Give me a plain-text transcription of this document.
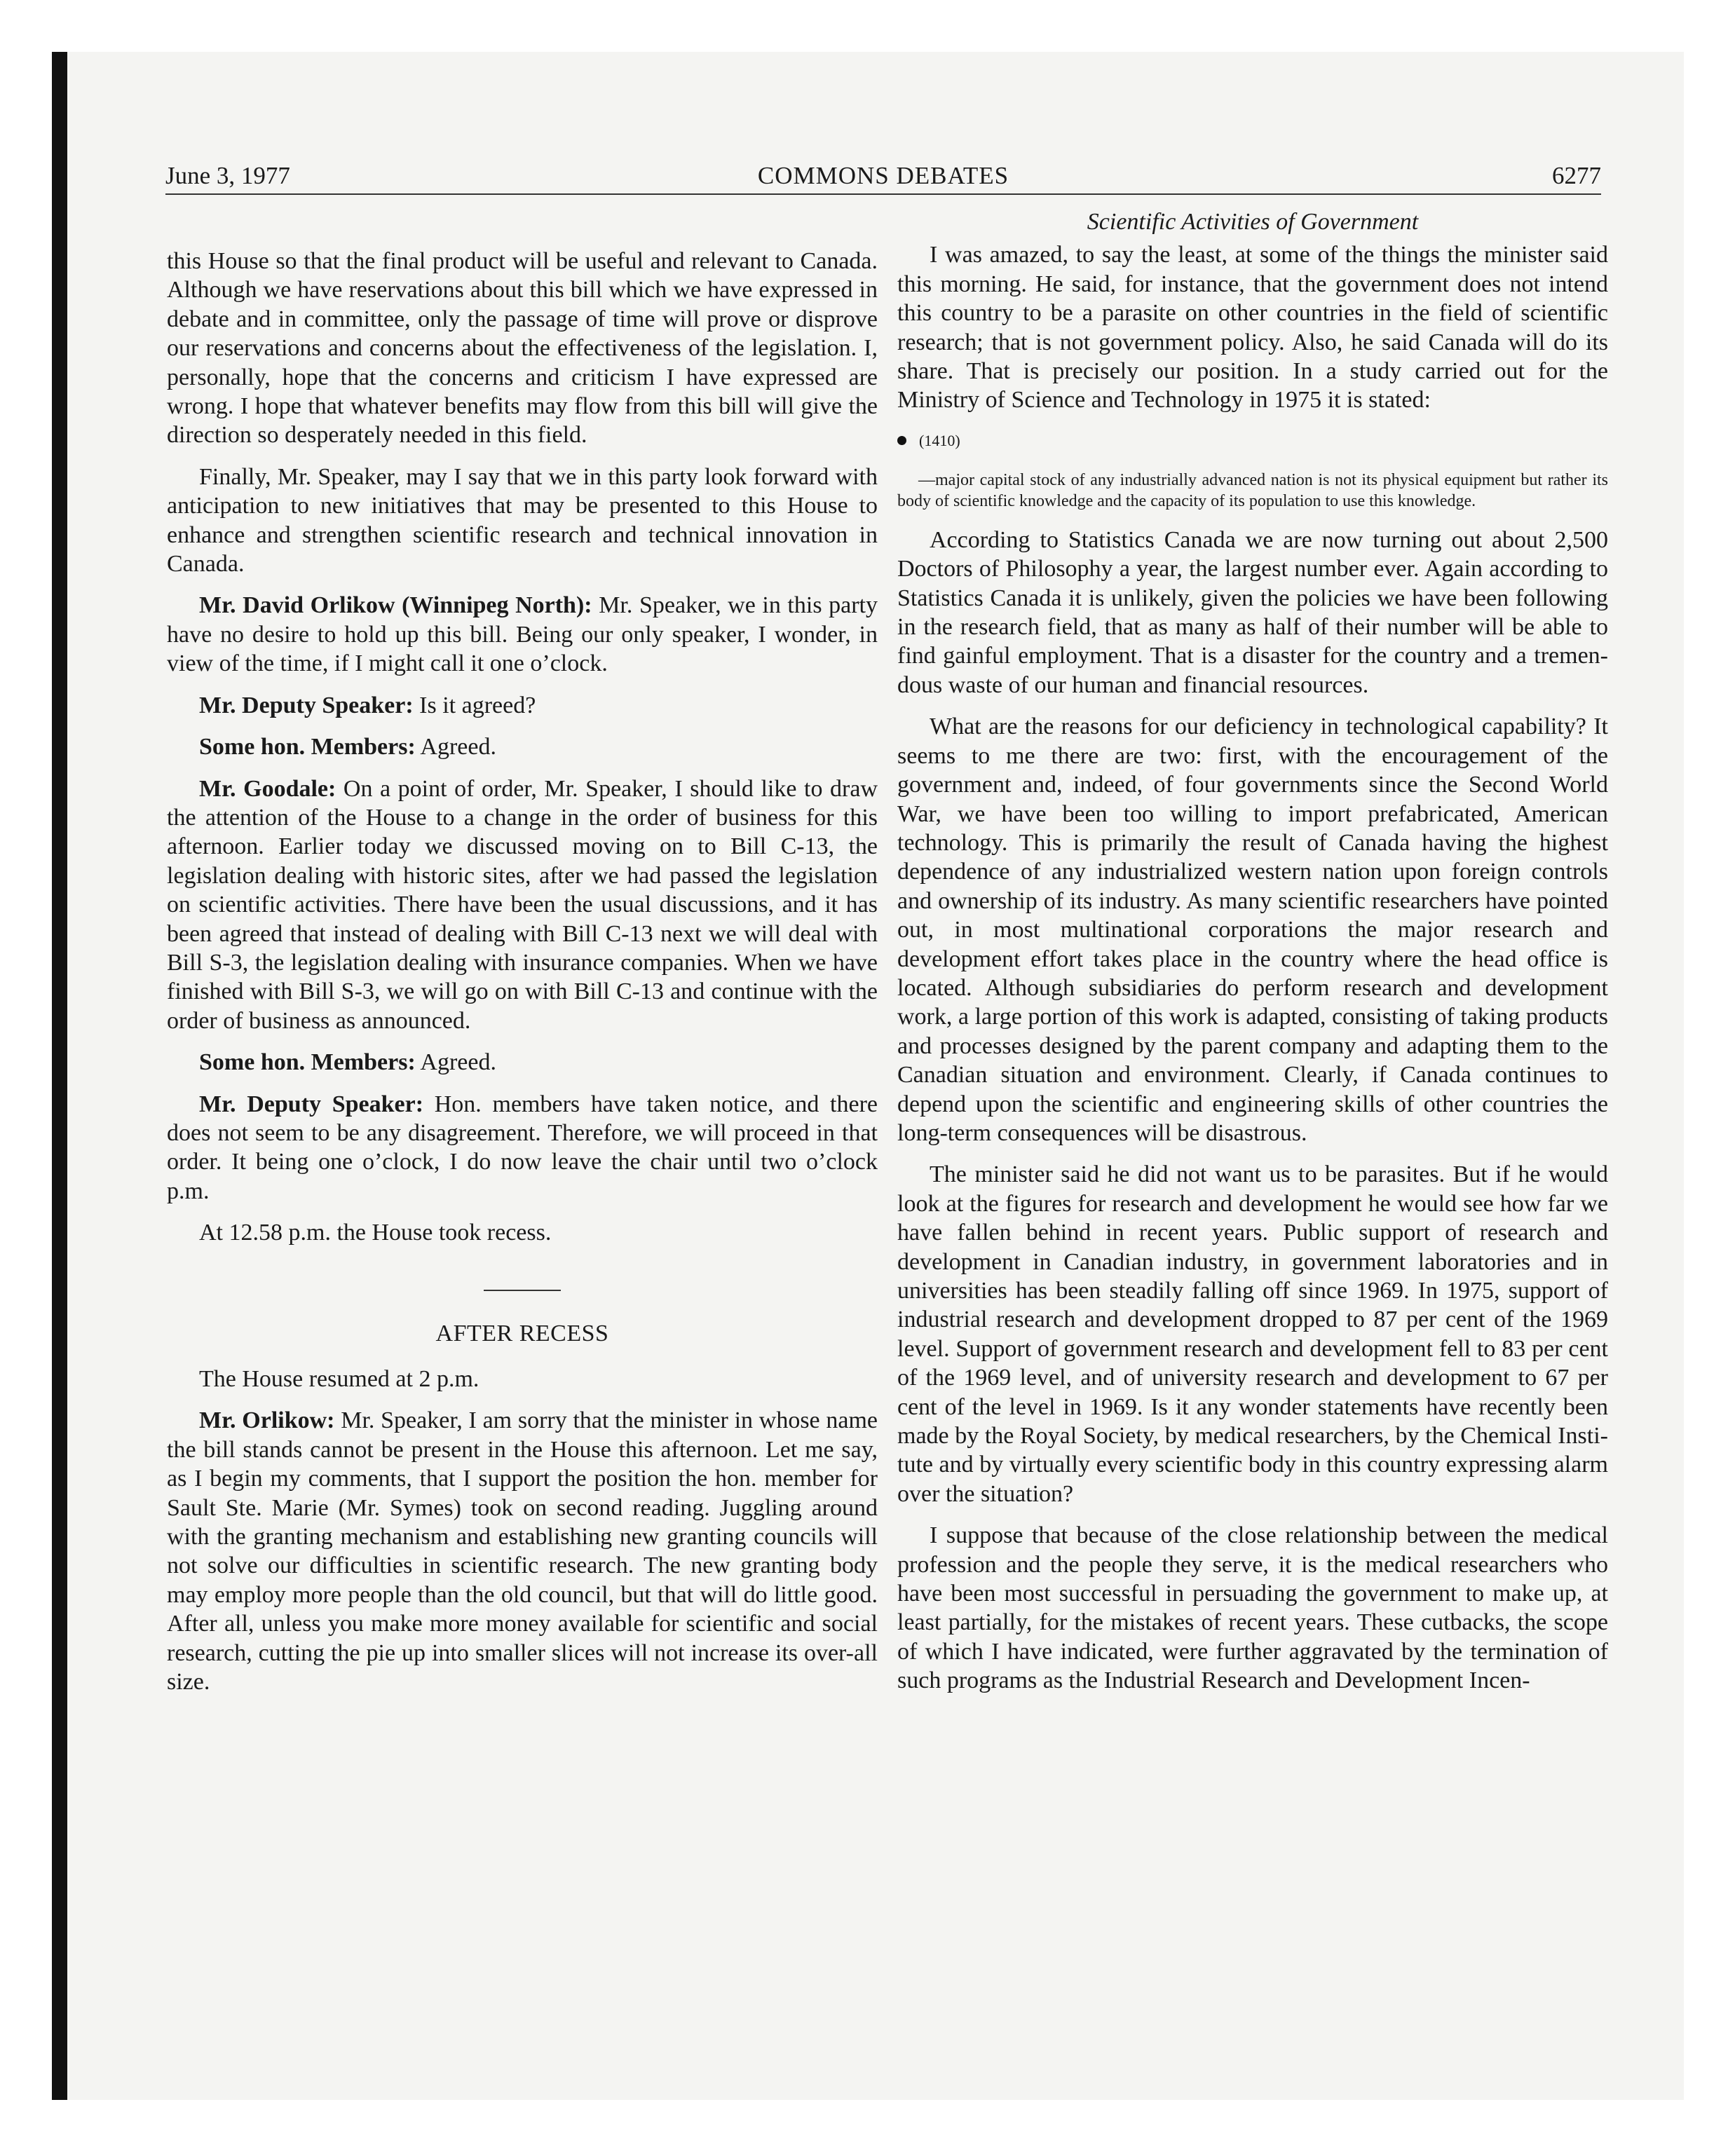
June 3, 1977	COMMONS DEBATES	6277

this House so that the final product will be useful and relevant to Canada. Although we have reservations about this bill which we have expressed in debate and in committee, only the passage of time will prove or disprove our reservations and concerns about the effectiveness of the legislation. I, personally, hope that the concerns and criticism I have expressed are wrong. I hope that whatever benefits may flow from this bill will give the direction so desperately needed in this field.

Finally, Mr. Speaker, may I say that we in this party look forward with anticipation to new initiatives that may be presented to this House to enhance and strengthen scientific research and technical innovation in Canada.

Mr. David Orlikow (Winnipeg North): Mr. Speaker, we in this party have no desire to hold up this bill. Being our only speaker, I wonder, in view of the time, if I might call it one o’clock.

Mr. Deputy Speaker: Is it agreed?

Some hon. Members: Agreed.

Mr. Goodale: On a point of order, Mr. Speaker, I should like to draw the attention of the House to a change in the order of business for this afternoon. Earlier today we discussed moving on to Bill C-13, the legislation dealing with historic sites, after we had passed the legislation on scientific activities. There have been the usual discussions, and it has been agreed that instead of dealing with Bill C-13 next we will deal with Bill S-3, the legislation dealing with insurance companies. When we have finished with Bill S-3, we will go on with Bill C-13 and continue with the order of business as announced.

Some hon. Members: Agreed.

Mr. Deputy Speaker: Hon. members have taken notice, and there does not seem to be any disagreement. Therefore, we will proceed in that order. It being one o’clock, I do now leave the chair until two o’clock p.m.

At 12.58 p.m. the House took recess.

AFTER RECESS

The House resumed at 2 p.m.

Mr. Orlikow: Mr. Speaker, I am sorry that the minister in whose name the bill stands cannot be present in the House this afternoon. Let me say, as I begin my comments, that I support the position the hon. member for Sault Ste. Marie (Mr. Symes) took on second reading. Juggling around with the granting mechanism and establishing new granting councils will not solve our difficulties in scientific research. The new granting body may employ more people than the old council, but that will do little good. After all, unless you make more money available for scientific and social research, cutting the pie up into smaller slices will not increase its over-all size.

Scientific Activities of Government

I was amazed, to say the least, at some of the things the minister said this morning. He said, for instance, that the government does not intend this country to be a parasite on other countries in the field of scientific research; that is not government policy. Also, he said Canada will do its share. That is precisely our position. In a study carried out for the Ministry of Science and Technology in 1975 it is stated:

(1410)

—major capital stock of any industrially advanced nation is not its physical equipment but rather its body of scientific knowledge and the capacity of its population to use this knowledge.

According to Statistics Canada we are now turning out about 2,500 Doctors of Philosophy a year, the largest number ever. Again according to Statistics Canada it is unlikely, given the policies we have been following in the research field, that as many as half of their number will be able to find gainful employment. That is a disaster for the country and a tremendous waste of our human and financial resources.

What are the reasons for our deficiency in technological capability? It seems to me there are two: first, with the encouragement of the government and, indeed, of four governments since the Second World War, we have been too willing to import prefabricated, American technology. This is primarily the result of Canada having the highest dependence of any industrialized western nation upon foreign controls and ownership of its industry. As many scientific researchers have pointed out, in most multinational corporations the major research and development effort takes place in the country where the head office is located. Although subsidiaries do perform research and development work, a large portion of this work is adapted, consisting of taking products and processes designed by the parent company and adapting them to the Canadian situation and environment. Clearly, if Canada continues to depend upon the scientific and engineering skills of other countries the long-term consequences will be disastrous.

The minister said he did not want us to be parasites. But if he would look at the figures for research and development he would see how far we have fallen behind in recent years. Public support of research and development in Canadian industry, in government laboratories and in universities has been steadily falling off since 1969. In 1975, support of industrial research and development dropped to 87 per cent of the 1969 level. Support of government research and development fell to 83 per cent of the 1969 level, and of university research and development to 67 per cent of the level in 1969. Is it any wonder statements have recently been made by the Royal Society, by medical researchers, by the Chemical Institute and by virtually every scientific body in this country expressing alarm over the situation?

I suppose that because of the close relationship between the medical profession and the people they serve, it is the medical researchers who have been most successful in persuading the government to make up, at least partially, for the mistakes of recent years. These cutbacks, the scope of which I have indicated, were further aggravated by the termination of such programs as the Industrial Research and Development Incen-
